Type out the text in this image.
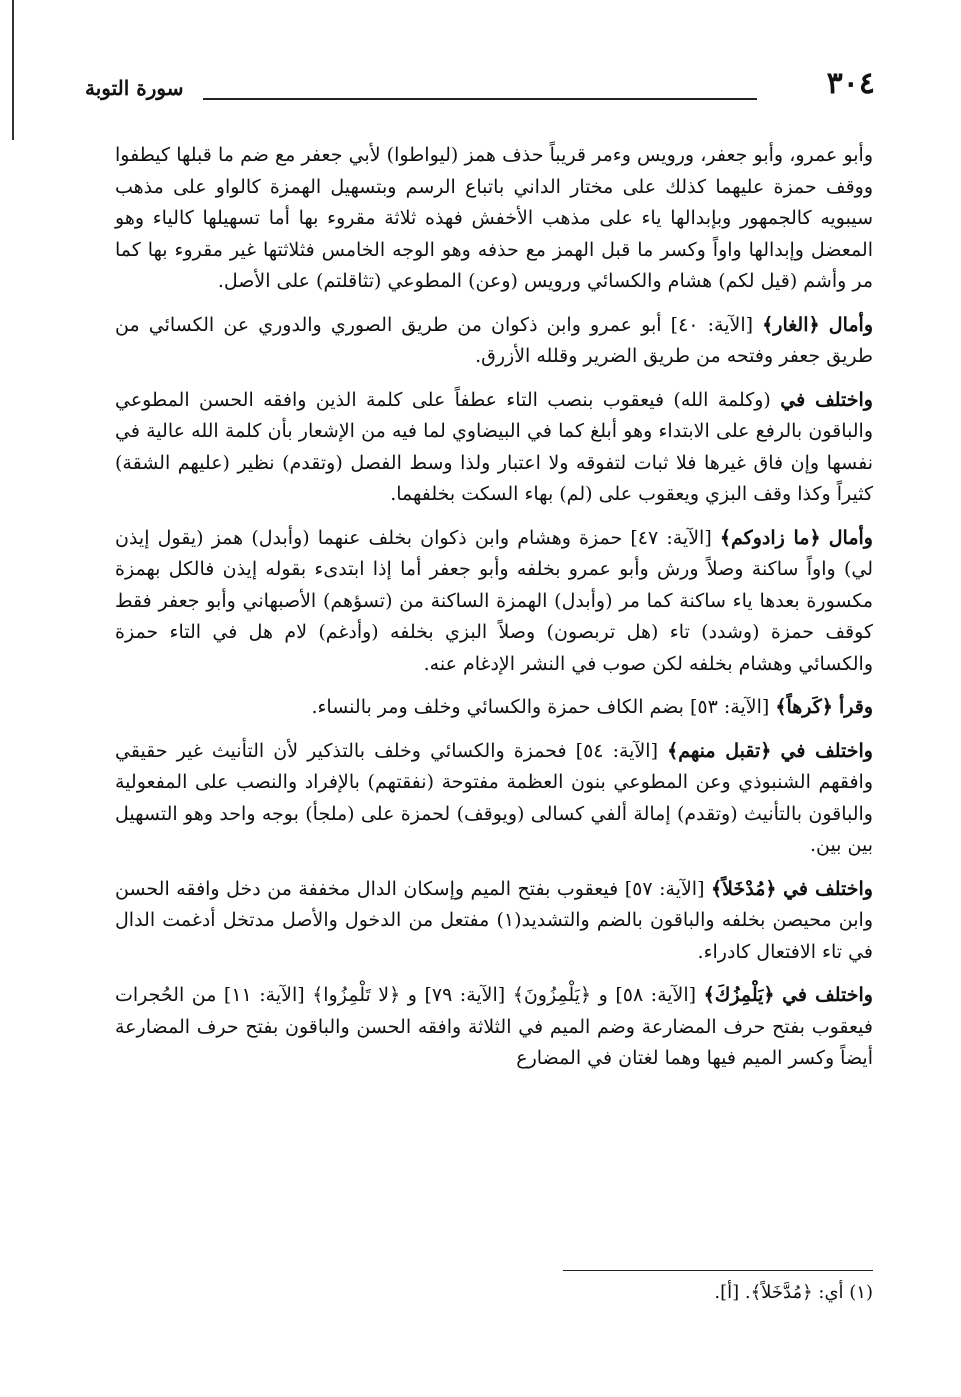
٣٠٤
سورة التوبة

وأبو عمرو، وأبو جعفر، ورويس وءمر قريباً حذف همز (ليواطوا) لأبي جعفر مع ضم ما قبلها كيطفوا ووقف حمزة عليهما كذلك على مختار الداني باتباع الرسم وبتسهيل الهمزة كالواو على مذهب سيبويه كالجمهور وبإبدالها ياء على مذهب الأخفش فهذه ثلاثة مقروء بها أما تسهيلها كالياء وهو المعضل وإبدالها واواً وكسر ما قبل الهمز مع حذفه وهو الوجه الخامس فثلاثتها غير مقروء بها كما مر وأشم (قيل لكم) هشام والكسائي ورويس (وعن) المطوعي (تثاقلتم) على الأصل.

وأمال ﴿الغار﴾ [الآية: ٤٠] أبو عمرو وابن ذكوان من طريق الصوري والدوري عن الكسائي من طريق جعفر وفتحه من طريق الضرير وقلله الأزرق.

واختلف في (وكلمة الله) فيعقوب بنصب التاء عطفاً على كلمة الذين وافقه الحسن المطوعي والباقون بالرفع على الابتداء وهو أبلغ كما في البيضاوي لما فيه من الإشعار بأن كلمة الله عالية في نفسها وإن فاق غيرها فلا ثبات لتفوقه ولا اعتبار ولذا وسط الفصل (وتقدم) نظير (عليهم الشقة) كثيراً وكذا وقف البزي ويعقوب على (لم) بهاء السكت بخلفهما.

وأمال ﴿ما زادوكم﴾ [الآية: ٤٧] حمزة وهشام وابن ذكوان بخلف عنهما (وأبدل) همز (يقول إيذن لي) واواً ساكنة وصلاً ورش وأبو عمرو بخلفه وأبو جعفر أما إذا ابتدىء بقوله إيذن فالكل بهمزة مكسورة بعدها ياء ساكنة كما مر (وأبدل) الهمزة الساكنة من (تسؤهم) الأصبهاني وأبو جعفر فقط كوقف حمزة (وشدد) تاء (هل تربصون) وصلاً البزي بخلفه (وأدغم) لام هل في التاء حمزة والكسائي وهشام بخلفه لكن صوب في النشر الإدغام عنه.

وقرأ ﴿كَرهاً﴾ [الآية: ٥٣] بضم الكاف حمزة والكسائي وخلف ومر بالنساء.

واختلف في ﴿تقبل منهم﴾ [الآية: ٥٤] فحمزة والكسائي وخلف بالتذكير لأن التأنيث غير حقيقي وافقهم الشنبوذي وعن المطوعي بنون العظمة مفتوحة (نفقتهم) بالإفراد والنصب على المفعولية والباقون بالتأنيث (وتقدم) إمالة ألفي كسالى (ويوقف) لحمزة على (ملجأ) بوجه واحد وهو التسهيل بين بين.

واختلف في ﴿مُدْخَلاً﴾ [الآية: ٥٧] فيعقوب بفتح الميم وإسكان الدال مخففة من دخل وافقه الحسن وابن محيصن بخلفه والباقون بالضم والتشديد(١) مفتعل من الدخول والأصل مدتخل أدغمت الدال في تاء الافتعال كادراء.

واختلف في ﴿يَلْمِزُكَ﴾ [الآية: ٥٨] و ﴿يَلْمِزُونَ﴾ [الآية: ٧٩] و ﴿لا تَلْمِزُوا﴾ [الآية: ١١] من الحُجرات فيعقوب بفتح حرف المضارعة وضم الميم في الثلاثة وافقه الحسن والباقون بفتح حرف المضارعة أيضاً وكسر الميم فيها وهما لغتان في المضارع

(١) أي: ﴿مُدَّخَلاً﴾. [أ].
